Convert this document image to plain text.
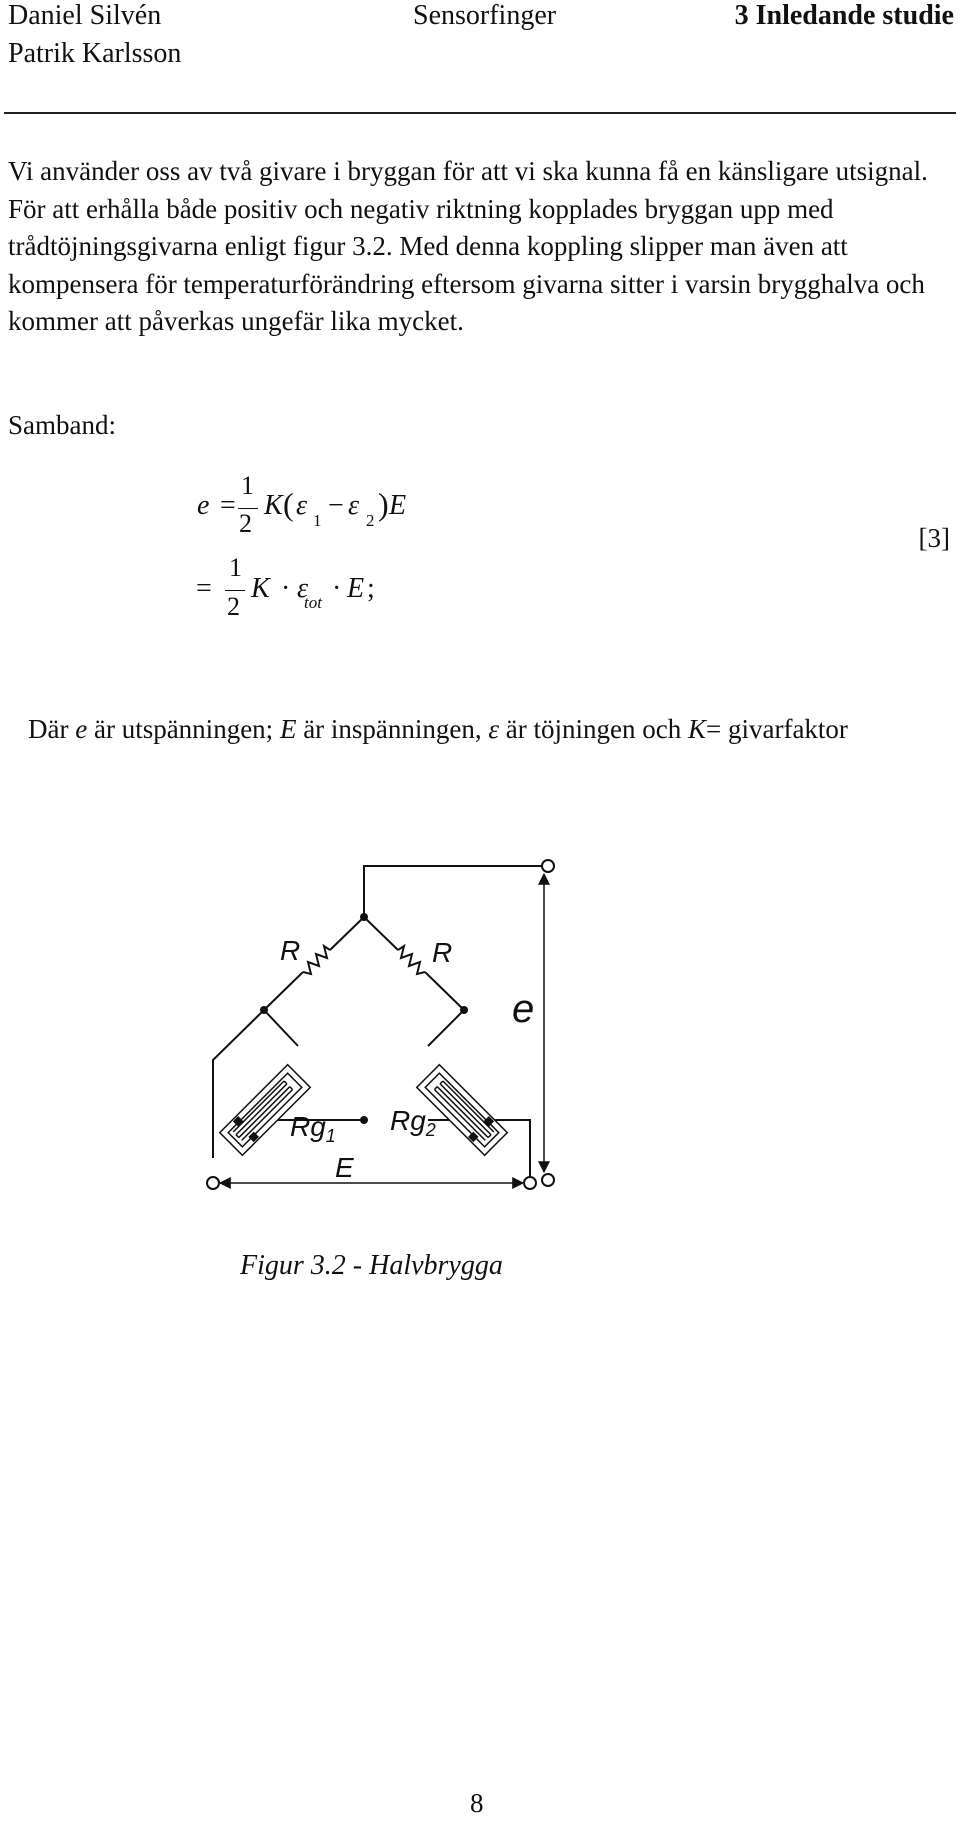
Daniel Silvén
Patrik Karlsson
Sensorfinger	3 Inledande studie
Vi använder oss av två givare i bryggan för att vi ska kunna få en känsligare utsignal. För att erhålla både positiv och negativ riktning kopplades bryggan upp med trådtöjningsgivarna enligt figur 3.2. Med denna koppling slipper man även att kompensera för temperaturförändring eftersom givarna sitter i varsin brygghalva och kommer att påverkas ungefär lika mycket.
Samband:
e =
1
2
K ( ε 1 − ε 2 ) E
=
1
2
K · ε
tot · E ;
[3]
Där e är utspänningen; E är inspänningen, ε är töjningen och K= givarfaktor
R	R
e
$Rg_1$ $Rg_2$
E
Figur 3.2 - Halvbrygga
8
